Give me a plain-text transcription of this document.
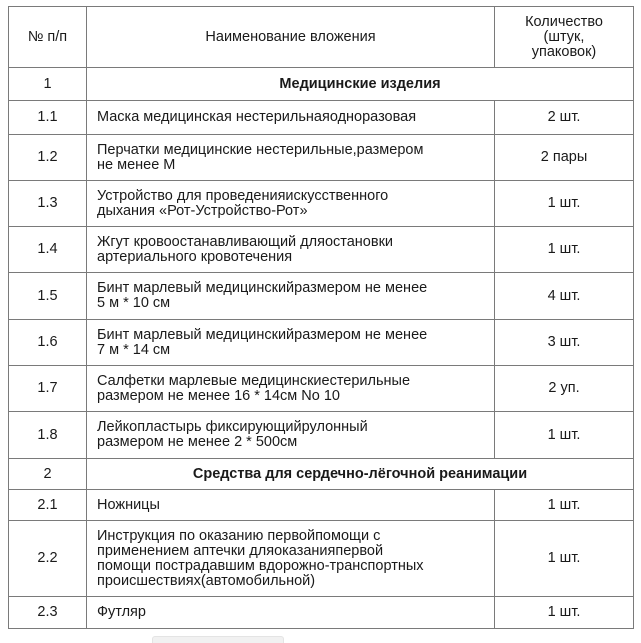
№ п/п	Наименование вложения	Количество
(штук,
упаковок)

1	Медицинские изделия	
1.1	Маска медицинская нестерильнаяодноразовая	2 шт.
1.2	Перчатки медицинские нестерильные,размером
не менее М	2 пары
1.3	Устройство для проведенияискусственного
дыхания «Рот-Устройство-Рот»	1 шт.
1.4	Жгут кровоостанавливающий дляостановки
артериального кровотечения	1 шт.
1.5	Бинт марлевый медицинскийразмером не менее
5 м * 10 см	4 шт.
1.6	Бинт марлевый медицинскийразмером не менее
7 м * 14 см	3 шт.
1.7	Салфетки марлевые медицинскиестерильные
размером не менее 16 * 14см No 10	2 уп.
1.8	Лейкопластырь фиксирующийрулонный
размером не менее 2 * 500см	1 шт.
2	Средства для сердечно-лёгочной реанимации	
2.1	Ножницы	1 шт.
2.2	Инструкция по оказанию первойпомощи с
применением аптечки дляоказанияпервой
помощи пострадавшим вдорожно-транспортных
происшествиях(автомобильной)	1 шт.
2.3	Футляр	1 шт.
